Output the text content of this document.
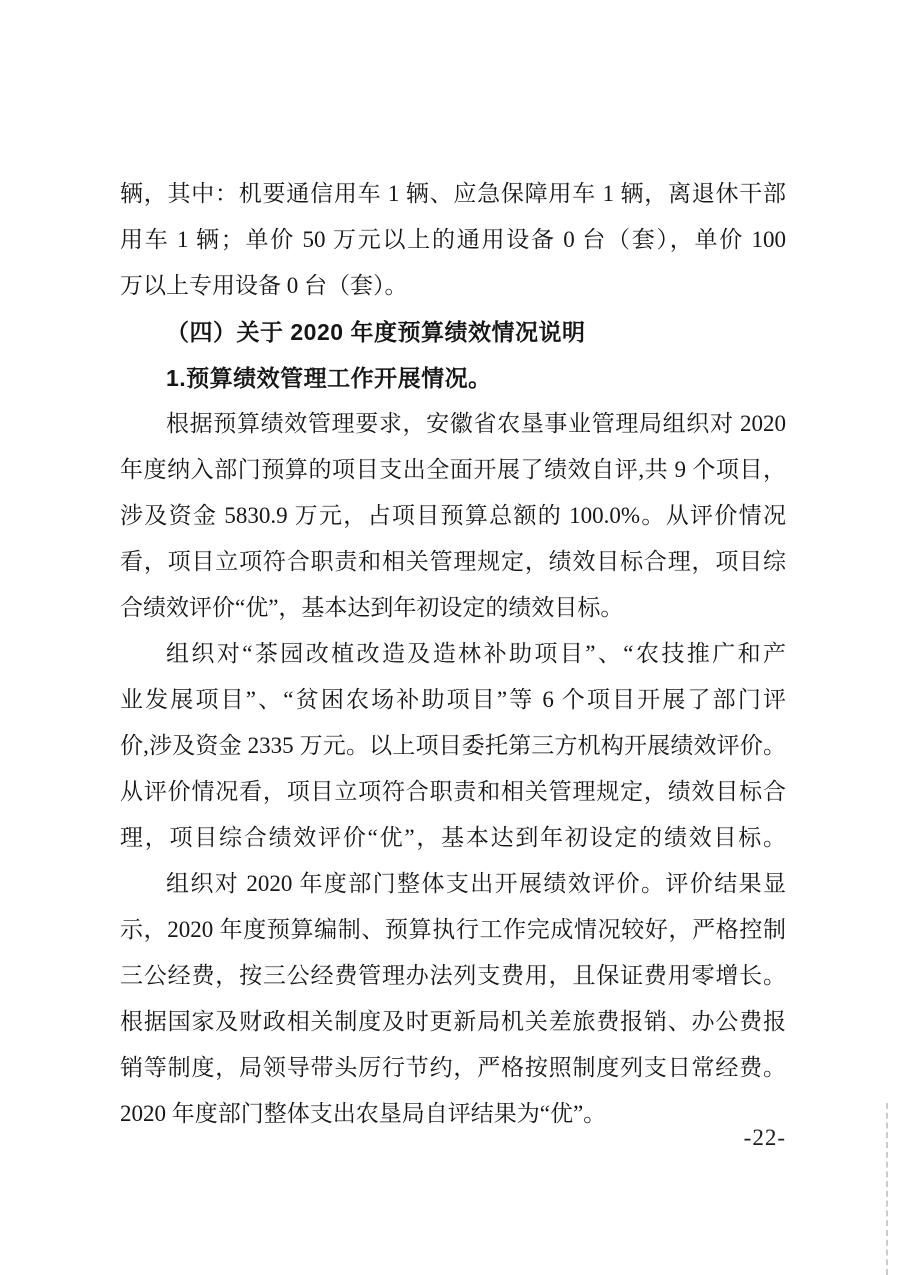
辆，其中：机要通信用车 1 辆、应急保障用车 1 辆，离退休干部
用车 1 辆；单价 50 万元以上的通用设备 0 台（套），单价 100
万以上专用设备 0 台（套）。
（四）关于 2020 年度预算绩效情况说明
1.预算绩效管理工作开展情况。
根据预算绩效管理要求，安徽省农垦事业管理局组织对 2020
年度纳入部门预算的项目支出全面开展了绩效自评,共 9 个项目，
涉及资金 5830.9 万元，占项目预算总额的 100.0%。从评价情况
看，项目立项符合职责和相关管理规定，绩效目标合理，项目综
合绩效评价“优”，基本达到年初设定的绩效目标。
组织对“茶园改植改造及造林补助项目”、“农技推广和产
业发展项目”、“贫困农场补助项目”等 6 个项目开展了部门评
价,涉及资金 2335 万元。以上项目委托第三方机构开展绩效评价。
从评价情况看，项目立项符合职责和相关管理规定，绩效目标合
理，项目综合绩效评价“优”，基本达到年初设定的绩效目标。
组织对 2020 年度部门整体支出开展绩效评价。评价结果显
示，2020 年度预算编制、预算执行工作完成情况较好，严格控制
三公经费，按三公经费管理办法列支费用，且保证费用零增长。
根据国家及财政相关制度及时更新局机关差旅费报销、办公费报
销等制度，局领导带头厉行节约，严格按照制度列支日常经费。
2020 年度部门整体支出农垦局自评结果为“优”。
-22-
